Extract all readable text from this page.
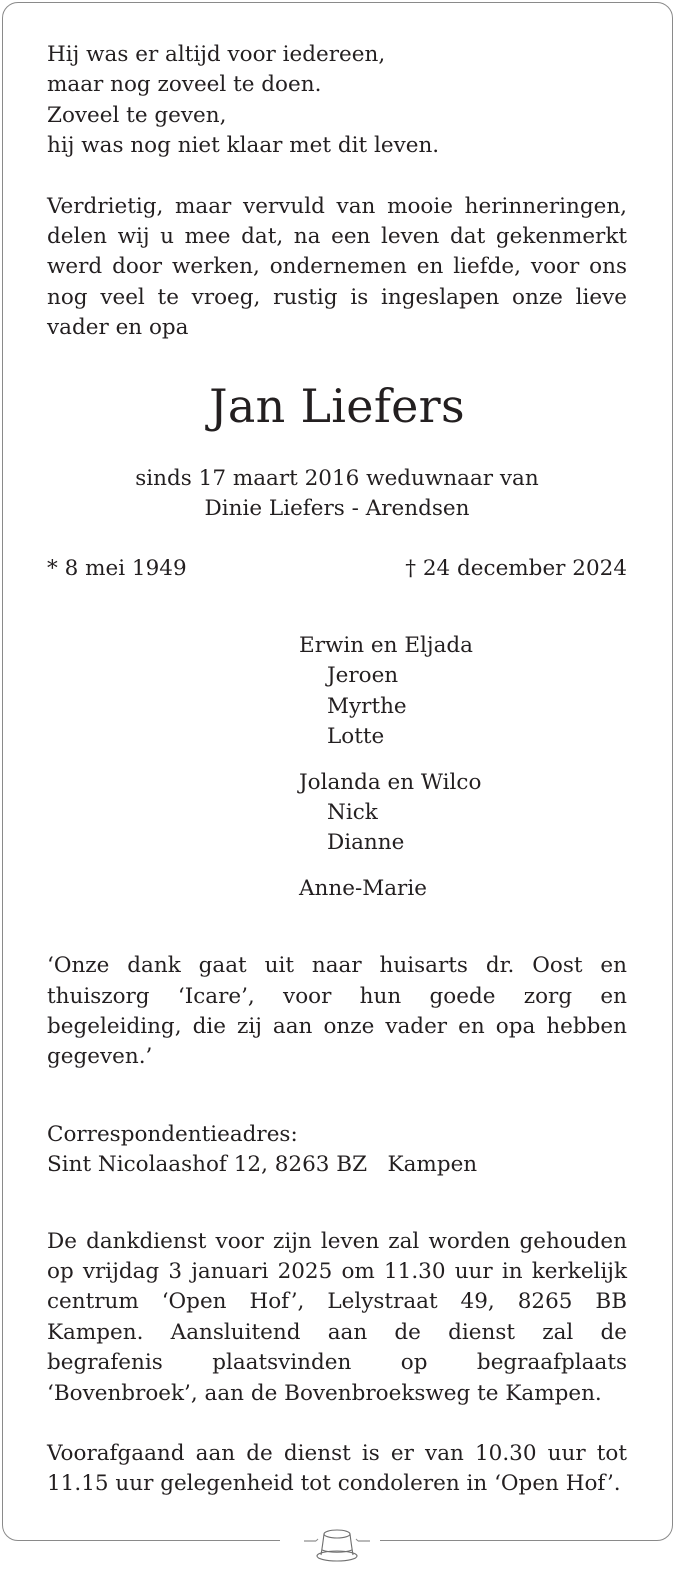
Hij was er altijd voor iedereen,
maar nog zoveel te doen.
Zoveel te geven,
hij was nog niet klaar met dit leven.
Verdrietig, maar vervuld van mooie herinneringen, delen wij u mee dat, na een leven dat gekenmerkt werd door werken, ondernemen en liefde, voor ons nog veel te vroeg, rustig is ingeslapen onze lieve vader en opa
Jan Liefers
sinds 17 maart 2016 weduwnaar van
Dinie Liefers - Arendsen
* 8 mei 1949	† 24 december 2024
Erwin en Eljada
Jeroen
Myrthe
Lotte
Jolanda en Wilco
Nick
Dianne
Anne-Marie
‘Onze dank gaat uit naar huisarts dr. Oost en thuiszorg ‘Icare’, voor hun goede zorg en begeleiding, die zij aan onze vader en opa hebben gegeven.’
Correspondentieadres:
Sint Nicolaashof 12, 8263 BZ   Kampen
De dankdienst voor zijn leven zal worden gehouden op vrijdag 3 januari 2025 om 11.30 uur in kerkelijk centrum ‘Open Hof’, Lelystraat 49, 8265 BB Kampen. Aansluitend aan de dienst zal de begrafenis plaatsvinden op begraafplaats ‘Bovenbroek’, aan de Bovenbroeksweg te Kampen.
Voorafgaand aan de dienst is er van 10.30 uur tot 11.15 uur gelegenheid tot condoleren in ‘Open Hof’.
